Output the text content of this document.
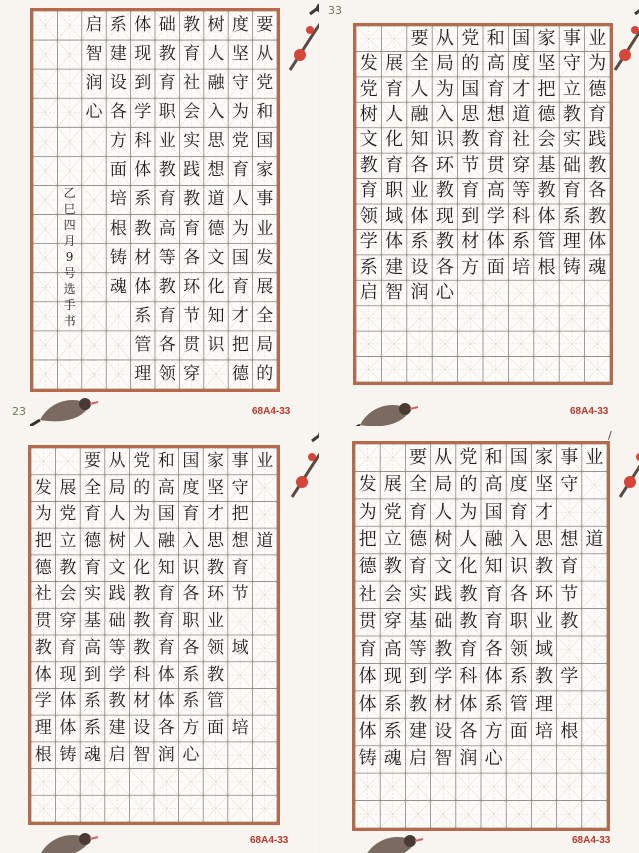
要
从
党
和
国
家
事
业
发
展
全
局
的
度
坚
守
为
党
育
人
为
国
育
才
把
德
树
人
融
入
思
想
道
德
文
化
知
识
教
育
社
会
实
践
教
育
各
环
节
贯
穿
础
教
育
职
业
教
育
高
等
教
育
各
领
体
现
到
学
科
体
系
教
材
体
系
管
理
系
建
设
各
方
面
培
根
铸
魂
启
智
润
心
乙
巳
四
月
9
号
选
手
书
68A4-33
23
要 从 党 和 国 家 事 业
发 展 全 局 的 高 度 坚 守 为
党 育 人 为 国 育 才 把 立 德
树 人 融 入 思 想 道 德 教 育
文 化 知 识 教 育 社 会 实 践
教 育 各 环 节 贯 穿 基 础 教
育 职 业 教 育 高 等 教 育 各
领 域 体 现 到 学 科 体 系 教
学 体 系 教 材 体 系 管 理 体
系 建 设 各 方 面 培 根 铸 魂
启 智 润 心
68A4-33
33
要 从 党 和 国 家 事 业
发 展 全 局 的 高 度 坚 守
为 党 育 人 为 国 育 才 把
把 立 德 树 人 融 入 思 想 道
德 教 育 文 化 知 识 教 育
社 会 实 践 教 育 各 环 节
贯 穿 基 础 教 育 职 业
教 育 高 等 教 育 各 领 域
体 现 到 学 科 体 系 教
学 体 系 教 材 体 系 管
理 体 系 建 设 各 方 面 培
根 铸 魂 启 智 润 心
68A4-33
要 从 党 和 国 家 事 业
发 展 全 局 的 高 度 坚 守
为 党 育 人 为 国 育 才
把 立 德 树 人 融 入 思 想 道
德 教 育 文 化 知 识 教 育
社 会 实 践 教 育 各 环 节
贯 穿 基 础 教 育 职 业 教
育 高 等 教 育 各 领 域
体 现 到 学 科 体 系 教 学
体 系 教 材 体 系 管 理
体 系 建 设 各 方 面 培 根
铸 魂 启 智 润 心
68A4-33
/
